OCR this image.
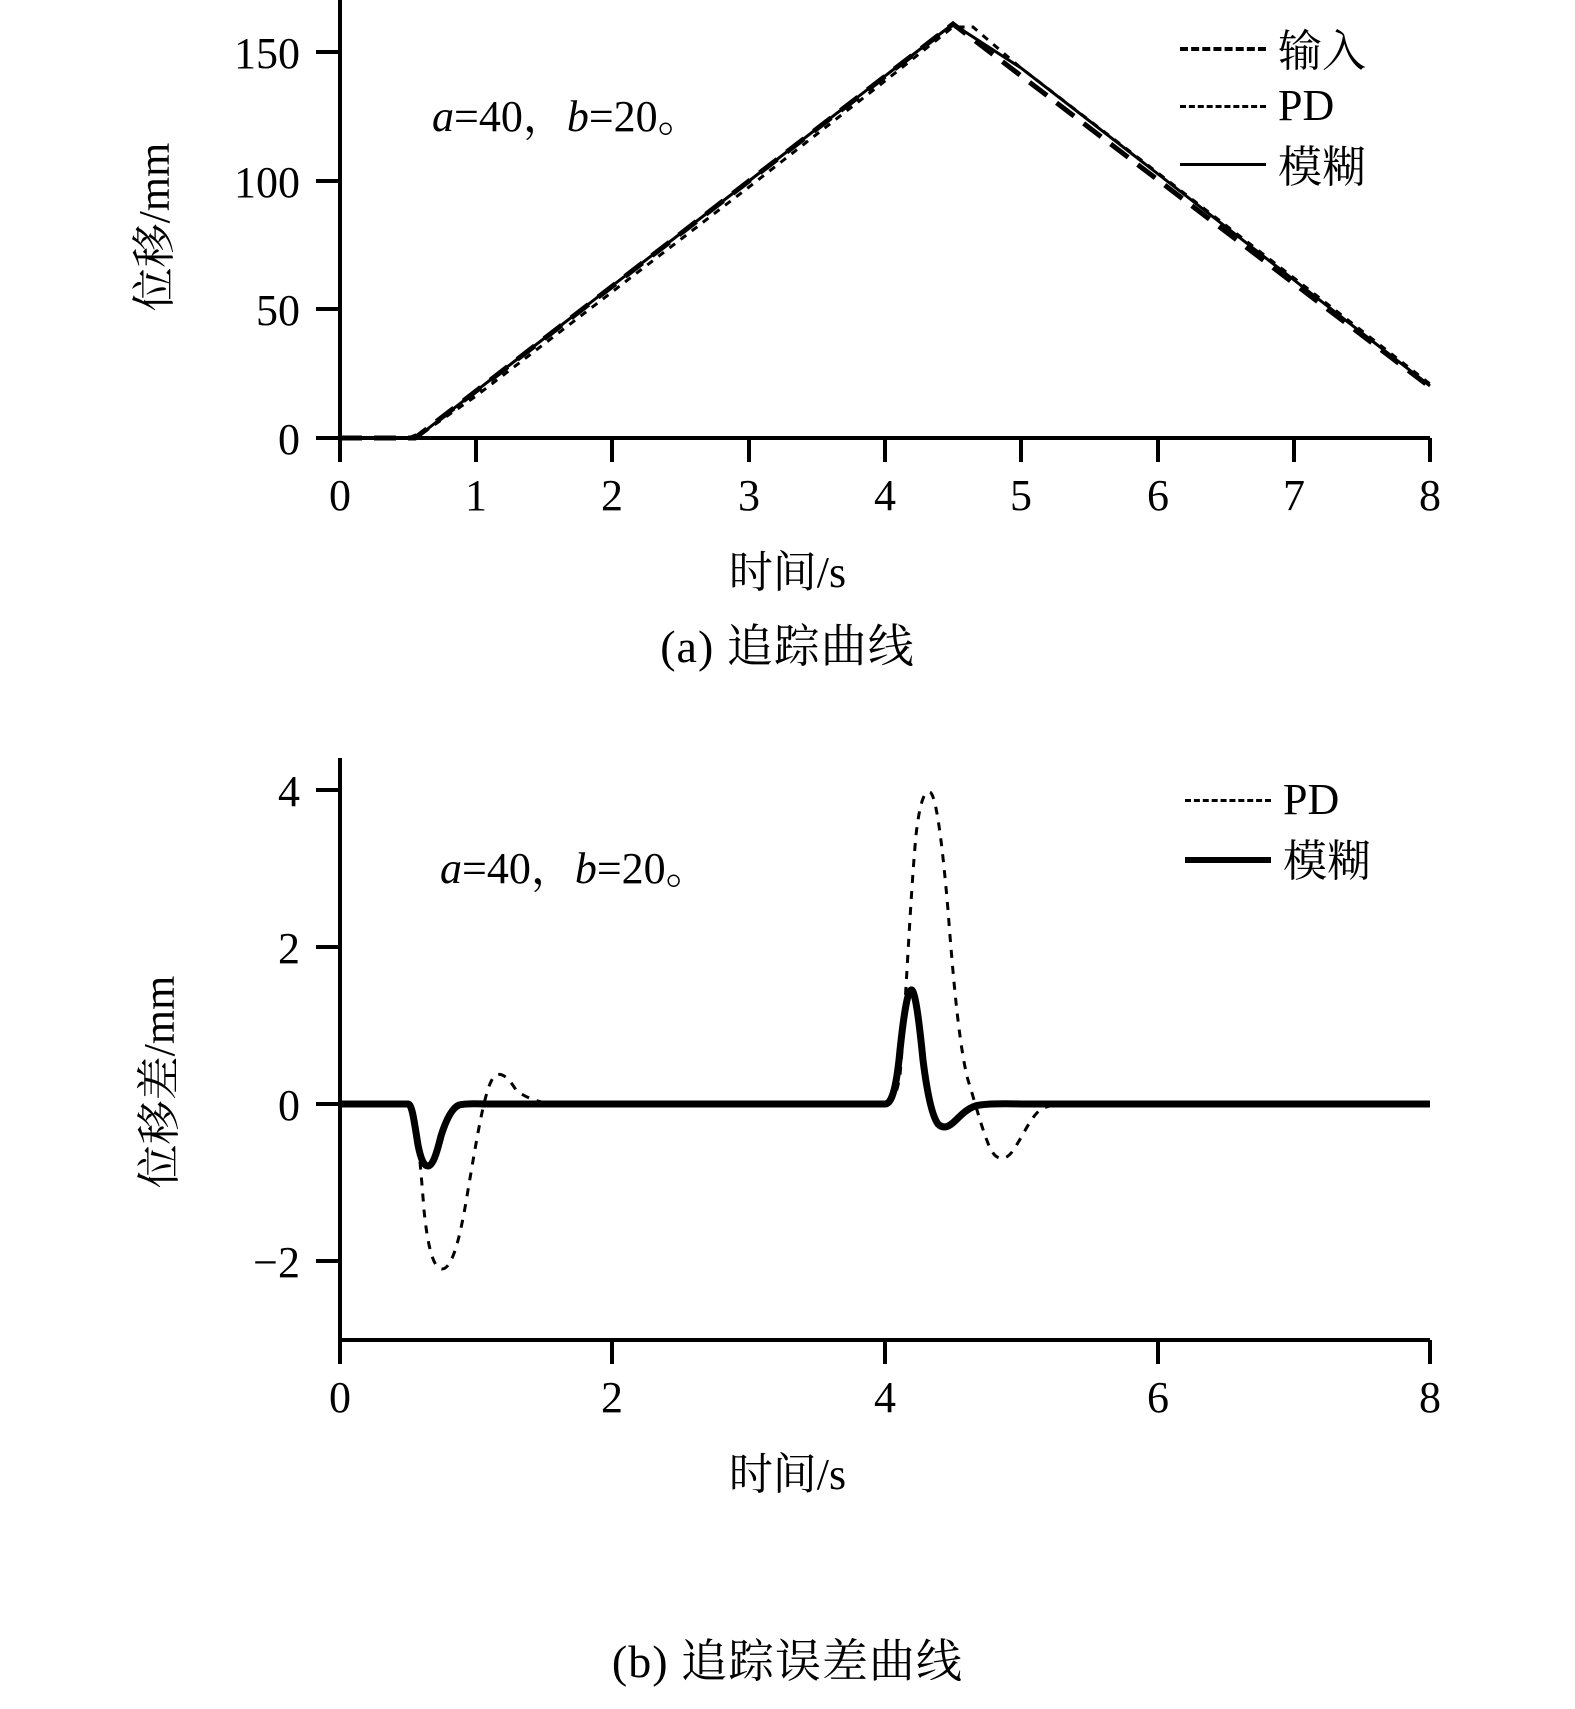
0
50
100
150
0	1	2	3	4	5	6	7	8
位移/mm
时间/s
a=40，b=20。
输入
PD
模糊
(a) 追踪曲线
4
2
0
−2
0	2	4	6	8
位移差/mm
时间/s
a=40，b=20。
PD
模糊
(b) 追踪误差曲线
